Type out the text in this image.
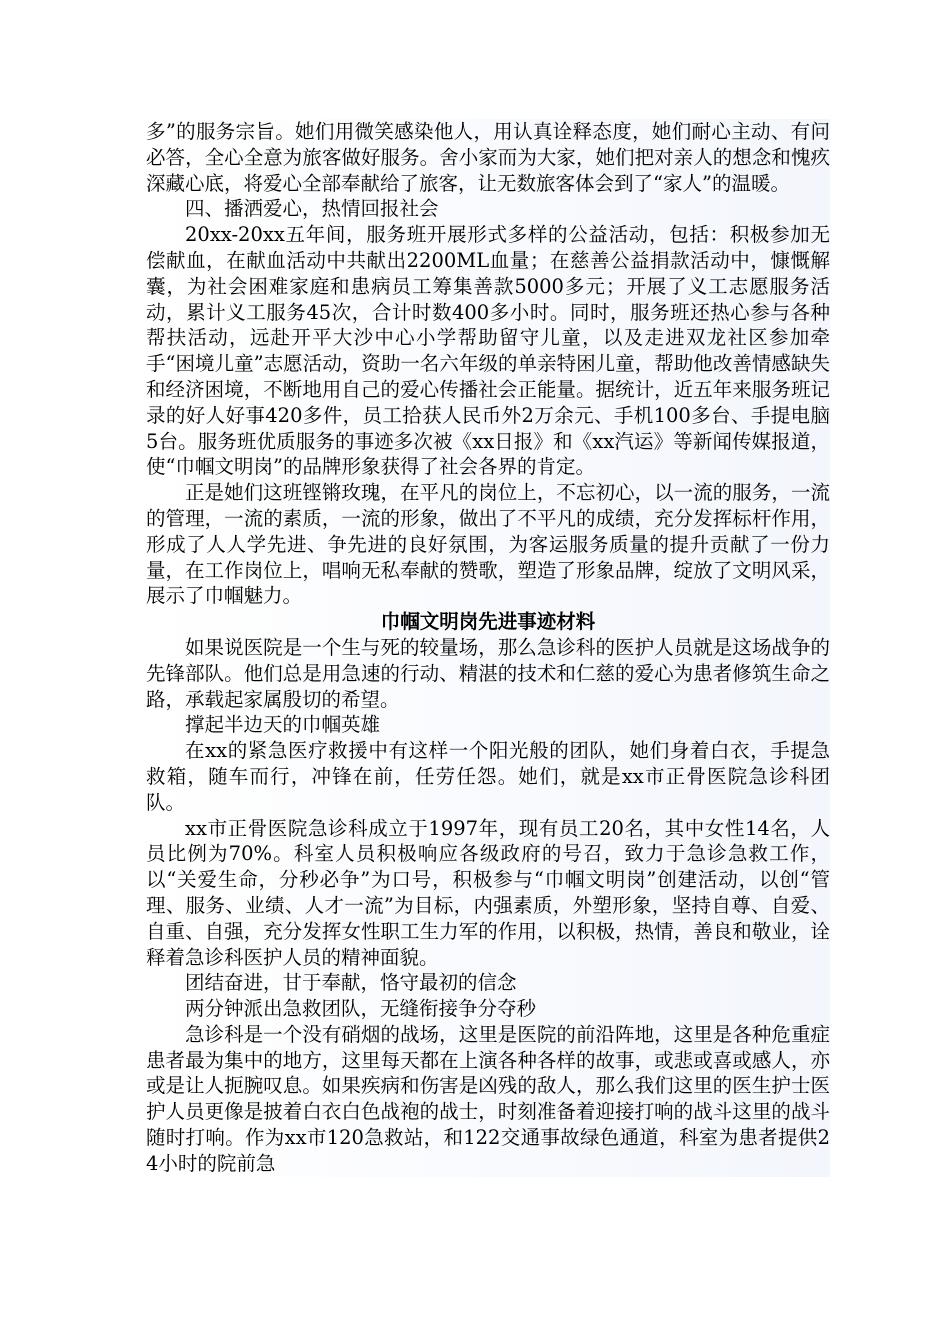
多”的服务宗旨。她们用微笑感染他人，用认真诠释态度，她们耐心主动、有问必答，全心全意为旅客做好服务。舍小家而为大家，她们把对亲人的想念和愧疚深藏心底，将爱心全部奉献给了旅客，让无数旅客体会到了“家人”的温暖。

四、播洒爱心，热情回报社会

20xx-20xx五年间，服务班开展形式多样的公益活动，包括：积极参加无偿献血，在献血活动中共献出2200ML血量；在慈善公益捐款活动中，慷慨解囊，为社会困难家庭和患病员工筹集善款5000多元；开展了义工志愿服务活动，累计义工服务45次，合计时数400多小时。同时，服务班还热心参与各种帮扶活动，远赴开平大沙中心小学帮助留守儿童，以及走进双龙社区参加牵手“困境儿童”志愿活动，资助一名六年级的单亲特困儿童，帮助他改善情感缺失和经济困境，不断地用自己的爱心传播社会正能量。据统计，近五年来服务班记录的好人好事420多件，员工拾获人民币外2万余元、手机100多台、手提电脑5台。服务班优质服务的事迹多次被《xx日报》和《xx汽运》等新闻传媒报道，使“巾帼文明岗”的品牌形象获得了社会各界的肯定。

正是她们这班铿锵玫瑰，在平凡的岗位上，不忘初心，以一流的服务，一流的管理，一流的素质，一流的形象，做出了不平凡的成绩，充分发挥标杆作用，形成了人人学先进、争先进的良好氛围，为客运服务质量的提升贡献了一份力量，在工作岗位上，唱响无私奉献的赞歌，塑造了形象品牌，绽放了文明风采，展示了巾帼魅力。

巾帼文明岗先进事迹材料

如果说医院是一个生与死的较量场，那么急诊科的医护人员就是这场战争的先锋部队。他们总是用急速的行动、精湛的技术和仁慈的爱心为患者修筑生命之路，承载起家属殷切的希望。

撑起半边天的巾帼英雄

在xx的紧急医疗救援中有这样一个阳光般的团队，她们身着白衣，手提急救箱，随车而行，冲锋在前，任劳任怨。她们，就是xx市正骨医院急诊科团队。

xx市正骨医院急诊科成立于1997年，现有员工20名，其中女性14名，人员比例为70%。科室人员积极响应各级政府的号召，致力于急诊急救工作，以“关爱生命，分秒必争”为口号，积极参与“巾帼文明岗”创建活动，以创“管理、服务、业绩、人才一流”为目标，内强素质，外塑形象，坚持自尊、自爱、自重、自强，充分发挥女性职工生力军的作用，以积极，热情，善良和敬业，诠释着急诊科医护人员的精神面貌。

团结奋进，甘于奉献，恪守最初的信念

两分钟派出急救团队，无缝衔接争分夺秒

急诊科是一个没有硝烟的战场，这里是医院的前沿阵地，这里是各种危重症患者最为集中的地方，这里每天都在上演各种各样的故事，或悲或喜或感人，亦或是让人扼腕叹息。如果疾病和伤害是凶残的敌人，那么我们这里的医生护士医护人员更像是披着白衣白色战袍的战士，时刻准备着迎接打响的战斗这里的战斗随时打响。作为xx市120急救站，和122交通事故绿色通道，科室为患者提供24小时的院前急
